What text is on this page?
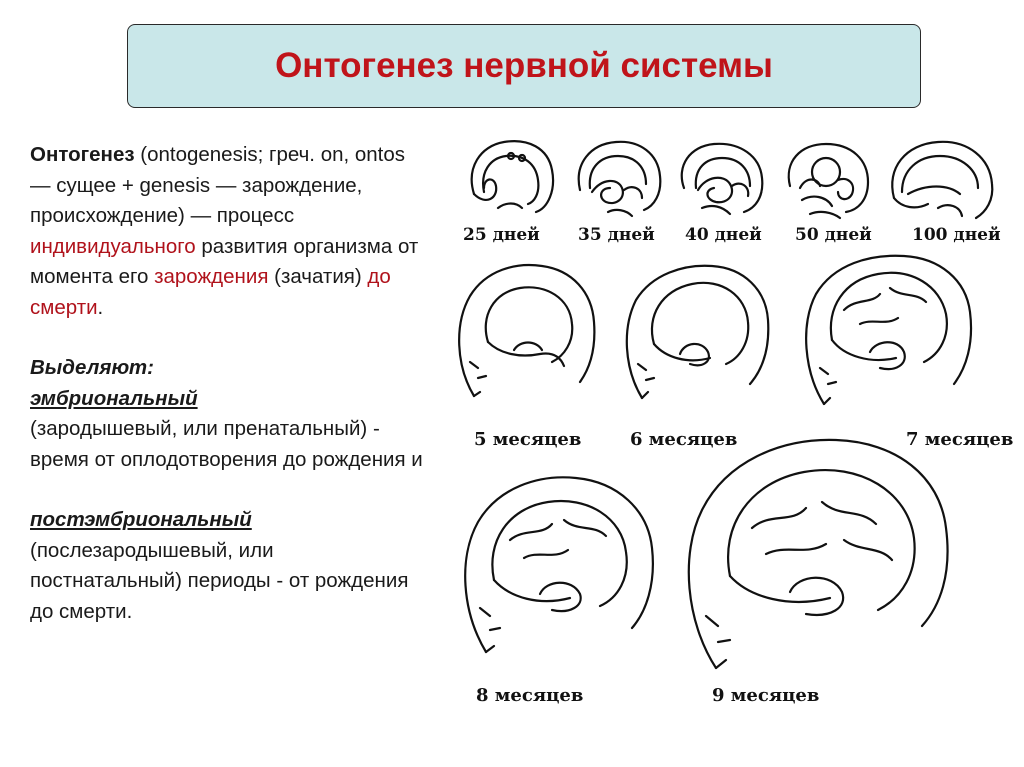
Онтогенез нервной системы

Онтогенез (ontogenesis; греч. on, ontos — сущее + genesis — зарождение, происхождение) — процесс индивидуального развития организма от момента его зарождения (зачатия) до смерти.

Выделяют:

эмбриональный

(зародышевый, или пренатальный) - время от оплодотворения до рождения и

постэмбриональный

(послезародышевый, или постнатальный) периоды - от рождения до смерти.

25 дней 35 дней 40 дней 50 дней 100 дней
5 месяцев	6 месяцев	7 месяцев
8 месяцев	9 месяцев
